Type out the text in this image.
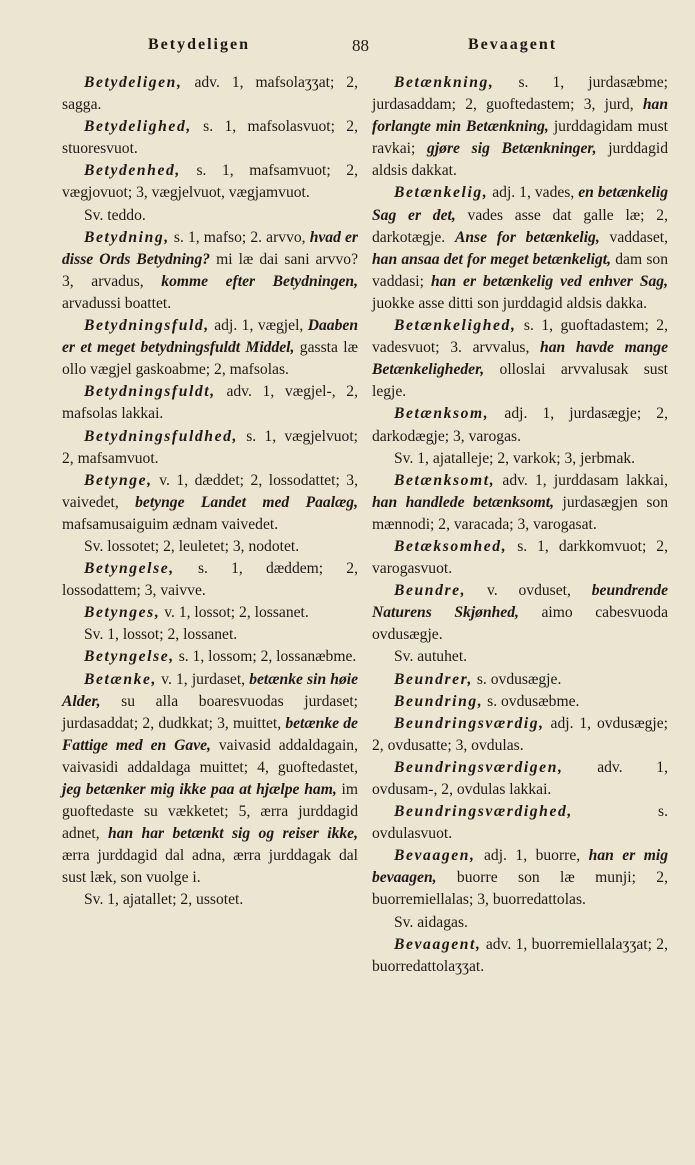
Betydeligen	88	Bevaagent

Betydeligen, adv. 1, mafsolaʒʒat; 2, sagga.

Betydelighed, s. 1, mafsolasvuot; 2, stuoresvuot.

Betydenhed, s. 1, mafsamvuot; 2, vægjovuot; 3, vægjelvuot, vægjamvuot.

Sv. teddo.

Betydning, s. 1, mafso; 2. arvvo, hvad er disse Ords Betydning? mi læ dai sani arvvo? 3, arvadus, komme efter Betydningen, arvadussi boattet.

Betydningsfuld, adj. 1, vægjel, Daaben er et meget betydningsfuldt Middel, gassta læ ollo vægjel gaskoabme; 2, mafsolas.

Betydningsfuldt, adv. 1, vægjel-, 2, mafsolas lakkai.

Betydningsfuldhed, s. 1, vægjelvuot; 2, mafsamvuot.

Betynge, v. 1, dæddet; 2, lossodattet; 3, vaivedet, betynge Landet med Paalæg, mafsamusaiguim ædnam vaivedet.

Sv. lossotet; 2, leuletet; 3, nodotet.

Betyngelse, s. 1, dæddem; 2, lossodattem; 3, vaivve.

Betynges, v. 1, lossot; 2, lossanet.

Sv. 1, lossot; 2, lossanet.

Betyngelse, s. 1, lossom; 2, lossanæbme.

Betænke, v. 1, jurdaset, betænke sin høie Alder, su alla boaresvuodas jurdaset; jurdasaddat; 2, dudkkat; 3, muittet, betænke de Fattige med en Gave, vaivasid addaldagain, vaivasidi addaldaga muittet; 4, guoftedastet, jeg betænker mig ikke paa at hjælpe ham, im guoftedaste su vækketet; 5, ærra jurddagid adnet, han har betænkt sig og reiser ikke, ærra jurddagid dal adna, ærra jurddagak dal sust læk, son vuolge i.

Sv. 1, ajatallet; 2, ussotet.

Betænkning, s. 1, jurdasæbme; jurdasaddam; 2, guoftedastem; 3, jurd, han forlangte min Betænkning, jurddagidam must ravkai; gjøre sig Betænkninger, jurddagid aldsis dakkat.

Betænkelig, adj. 1, vades, en betænkelig Sag er det, vades asse dat galle læ; 2, darkotægje. Anse for betænkelig, vaddaset, han ansaa det for meget betænkeligt, dam son vaddasi; han er betænkelig ved enhver Sag, juokke asse ditti son jurddagid aldsis dakka.

Betænkelighed, s. 1, guoftadastem; 2, vadesvuot; 3. arvvalus, han havde mange Betænkeligheder, olloslai arvvalusak sust legje.

Betænksom, adj. 1, jurdasægje; 2, darkodægje; 3, varogas.

Sv. 1, ajatalleje; 2, varkok; 3, jerbmak.

Betænksomt, adv. 1, jurddasam lakkai, han handlede betænksomt, jurdasægjen son mænnodi; 2, varacada; 3, varogasat.

Betæksomhed, s. 1, darkkomvuot; 2, varogasvuot.

Beundre, v. ovduset, beundrende Naturens Skjønhed, aimo cabesvuoda ovdusægje.

Sv. autuhet.

Beundrer, s. ovdusægje.

Beundring, s. ovdusæbme.

Beundringsværdig, adj. 1, ovdusægje; 2, ovdusatte; 3, ovdulas.

Beundringsværdigen, adv. 1, ovdusam-, 2, ovdulas lakkai.

Beundringsværdighed, s. ovdulasvuot.

Bevaagen, adj. 1, buorre, han er mig bevaagen, buorre son læ munji; 2, buorremiellalas; 3, buorredattolas.

Sv. aidagas.

Bevaagent, adv. 1, buorremiellalaʒʒat; 2, buorredattolaʒʒat.
